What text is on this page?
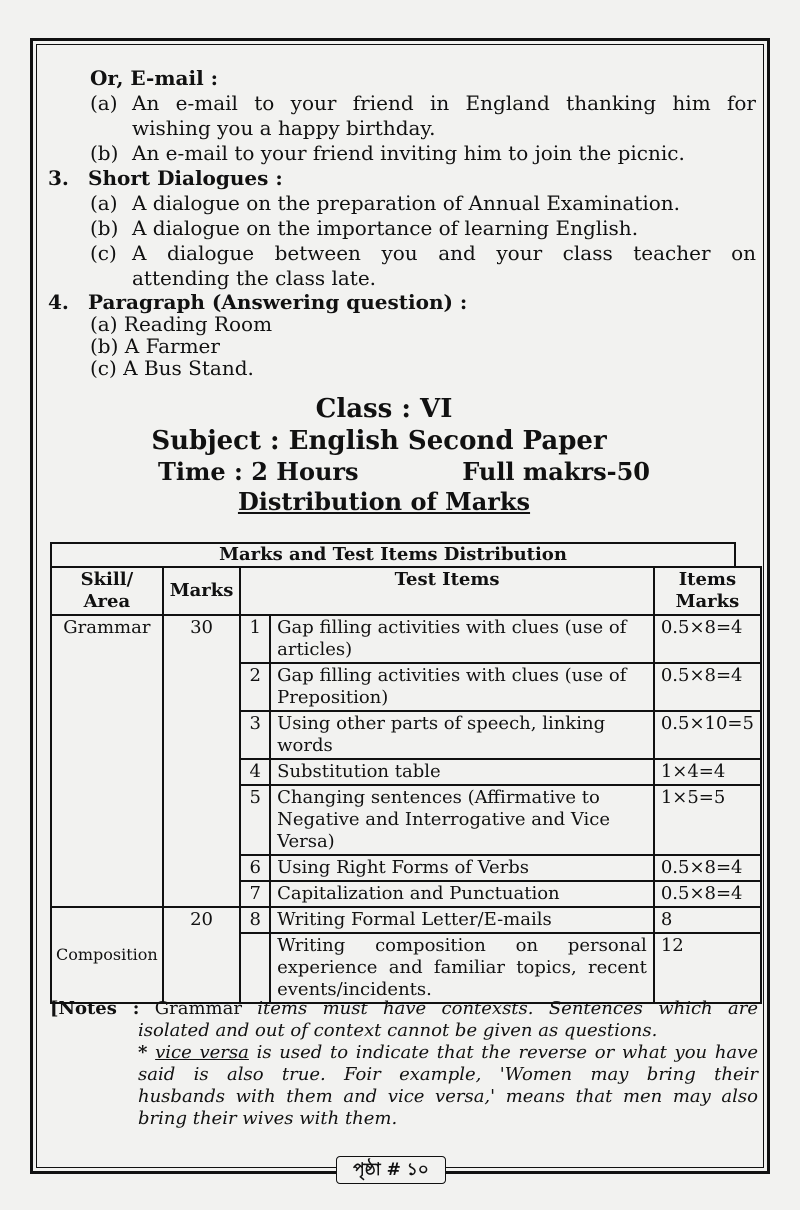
Or, E-mail :
(a) An e-mail to your friend in England thanking him for
wishing you a happy birthday.
(b) An e-mail to your friend inviting him to join the picnic.
3. Short Dialogues :
(a) A dialogue on the preparation of Annual Examination.
(b) A dialogue on the importance of learning English.
(c) A dialogue between you and your class teacher on
attending the class late.
4. Paragraph (Answering question) :
(a) Reading Room
(b) A Farmer
(c) A Bus Stand.
Class : VI
Subject : English Second Paper
Time : 2 Hours	Full makrs-50
Distribution of Marks
Marks and Test Items Distribution
Skill/ Area	Marks	Test Items		Items Marks
Grammar	30	1	Gap filling activities with clues (use of articles)	0.5×8=4
		2	Gap filling activities with clues (use of Preposition)	0.5×8=4
		3	Using other parts of speech, linking words	0.5×10=5
		4	Substitution table	1×4=4
		5	Changing sentences (Affirmative to Negative and Interrogative and Vice Versa)	1×5=5
		6	Using Right Forms of Verbs	0.5×8=4
		7	Capitalization and Punctuation	0.5×8=4
Composition	20	8	Writing Formal Letter/E-mails	8
			Writing composition on personal experience and familiar topics, recent events/incidents.	12
[Notes : Grammar items must have contexsts. Sentences which are
isolated and out of context cannot be given as questions.
* vice versa is used to indicate that the reverse or what you have
said is also true. Foir example, 'Women may bring their
husbands with them and vice versa,' means that men may also
bring their wives with them.
পৃষ্ঠা # ১০
